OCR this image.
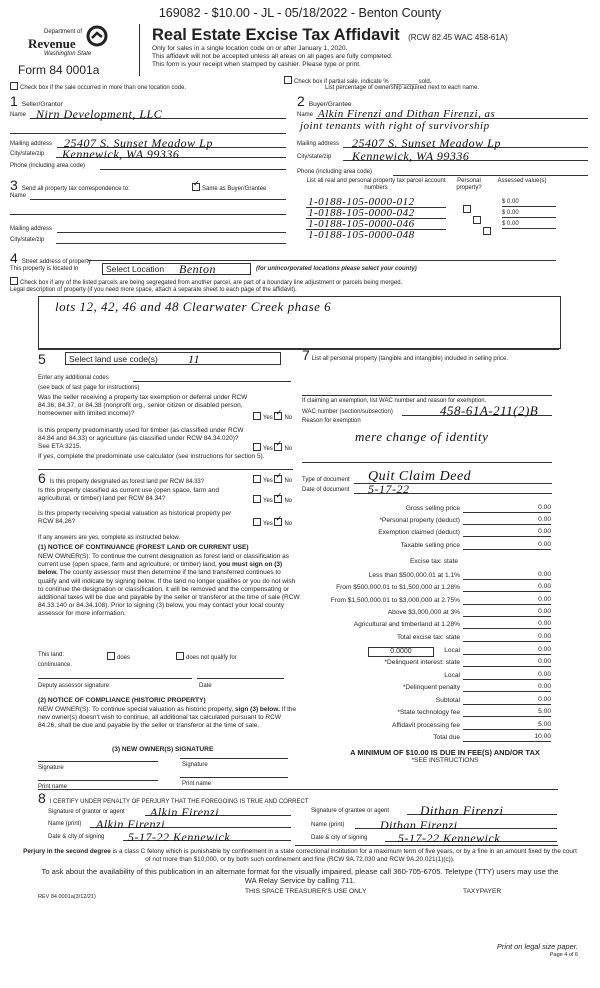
169082 - $10.00 - JL - 05/18/2022 - Benton County
Department of
Revenue
Washington State
Form 84 0001a
Real Estate Excise Tax Affidavit (RCW 82.45 WAC 458-61A)
Only for sales in a single location code on or after January 1, 2020.
This affidavit will not be accepted unless all areas on all pages are fully completed.
This form is your receipt when stamped by cashier. Please type or print.
Check box if the sale occurred in more than one location code.
Check box if partial sale, indicate % ________ sold.
List percentage of ownership acquired next to each name.
1 Seller/Grantor
Name Nirn Development, LLC
Mailing address 25407 S. Sunset Meadow Lp
City/state/zip Kennewick, WA 99336
Phone (including area code)
2 Buyer/Grantee
Name Alkin Firenzi and Dithan Firenzi, as
joint tenants with right of survivorship
Mailing address 25407 S. Sunset Meadow Lp
City/state/zip Kennewick, WA 99336
Phone (including area code)
3 Send all property tax correspondence to: ✓	Same as Buyer/Grantee
Name
Mailing address
City/state/zip
List all real and personal property tax parcel account numbers
Personal property?
Assessed value(s)
1-0188-105-0000-012	$ 0.00
1-0188-105-0000-042	$ 0.00
1-0188-105-0000-046	$ 0.00
1-0188-105-0000-048
4 Street address of property
This property is located in	Select Location Benton	(for unincorporated locations please select your county)
Check box if any of the listed parcels are being segregated from another parcel, are part of a boundary line adjustment or parcels being merged.
Legal description of property (if you need more space, attach a separate sheet to each page of the affidavit).
lots 12, 42, 46 and 48 Clearwater Creek phase 6
5	Select land use code(s)	11
Enter any additional codes
(see back of last page for instructions)
Was the seller receiving a property tax exemption or deferral under RCW 84.36, 84.37, or 84.38 (nonprofit org., senior citizen or disabled person, homeowner with limited income)?
Yes ✓ No
Is this property predominantly used for timber (as classified under RCW 84.84 and 84.33) or agriculture (as classified under RCW 84.34.020)? See ETA 3215.	Yes ✓ No
If yes, complete the predominate use calculator (see instructions for section 5).
6 Is this property designated as forest land per RCW 84.33?	Yes ✓ No
Is this property classified as current use (open space, farm and agricultural, or timber) land per RCW 84.34?	Yes ✓ No
Is this property receiving special valuation as historical property per RCW 84.26?	Yes ✓ No
If any answers are yes, complete as instructed below.
(1) NOTICE OF CONTINUANCE (FOREST LAND OR CURRENT USE)
NEW OWNER(S): To continue the current designation as forest land or classification as current use (open space, farm and agriculture, or timber) land, you must sign on (3) below. The county assessor must then determine if the land transferred continues to qualify and will indicate by signing below. If the land no longer qualifies or you do not wish to continue the designation or classification, it will be removed and the compensating or additional taxes will be due and payable by the seller or transferor at the time of sale (RCW 84.33.140 or 84.34.108). Prior to signing (3) below, you may contact your local county assessor for more information.
This land:	does	does not qualify for
continuance.
Deputy assessor signature	Date
(2) NOTICE OF COMPLIANCE (HISTORIC PROPERTY)
NEW OWNER(S): To continue special valuation as historic property, sign (3) below. If the new owner(s) doesn't wish to continue, all additional tax calculated pursuant to RCW 84.26, shall be due and payable by the seller or transferor at the time of sale.
(3) NEW OWNER(S) SIGNATURE
Signature	Signature
Print name	Print name
7 List all personal property (tangible and intangible) included in selling price.
If claiming an exemption, list WAC number and reason for exemption.
WAC number (section/subsection)	458-61A-211(2)B
Reason for exemption
mere change of identity
Type of document Quit Claim Deed
Date of document 5-17-22
Gross selling price	0.00
*Personal property (deduct)	0.00
Exemption claimed (deduct)	0.00
Taxable selling price	0.00
Excise tax: state
Less than $500,000.01 at 1.1%	0.00
From $500,000.01 to $1,500,000 at 1.28%	0.00
From $1,500,000.01 to $3,000,000 at 2.75%	0.00
Above $3,000,000 at 3%	0.00
Agricultural and timberland at 1.28%	0.00
Total excise tax: state	0.00
Local	0.00
*Delinquent interest: state	0.00
Local	0.00
*Delinquent penalty	0.00
Subtotal	0.00
*State technology fee	5.00
Affidavit processing fee	5.00
Total due	10.00
0.0000
A MINIMUM OF $10.00 IS DUE IN FEE(S) AND/OR TAX
*SEE INSTRUCTIONS
8 I CERTIFY UNDER PENALTY OF PERJURY THAT THE FOREGOING IS TRUE AND CORRECT
Signature of grantor or agent Alkin Firenzi
Name (print) Alkin Firenzi
Date & city of signing 5-17-22 Kennewick
Signature of grantee or agent Dithan Firenzi
Name (print)	Dithan Firenzi
Date & city of signing	5-17-22 Kennewick
Perjury in the second degree is a class C felony which is punishable by confinement in a state correctional institution for a maximum term of five years, or by a fine in an amount fixed by the court of not more than $10,000, or by both such confinement and fine (RCW 9A.72.030 and RCW 9A.20.021(1)(c)).
To ask about the availability of this publication in an alternate format for the visually impaired, please call 360-705-6705. Teletype (TTY) users may use the WA Relay Service by calling 711.
REV 84 0001a(3/12/21)
THIS SPACE TREASURER'S USE ONLY	TAXYPAYER
Print on legal size paper.
Page 4 of 6
